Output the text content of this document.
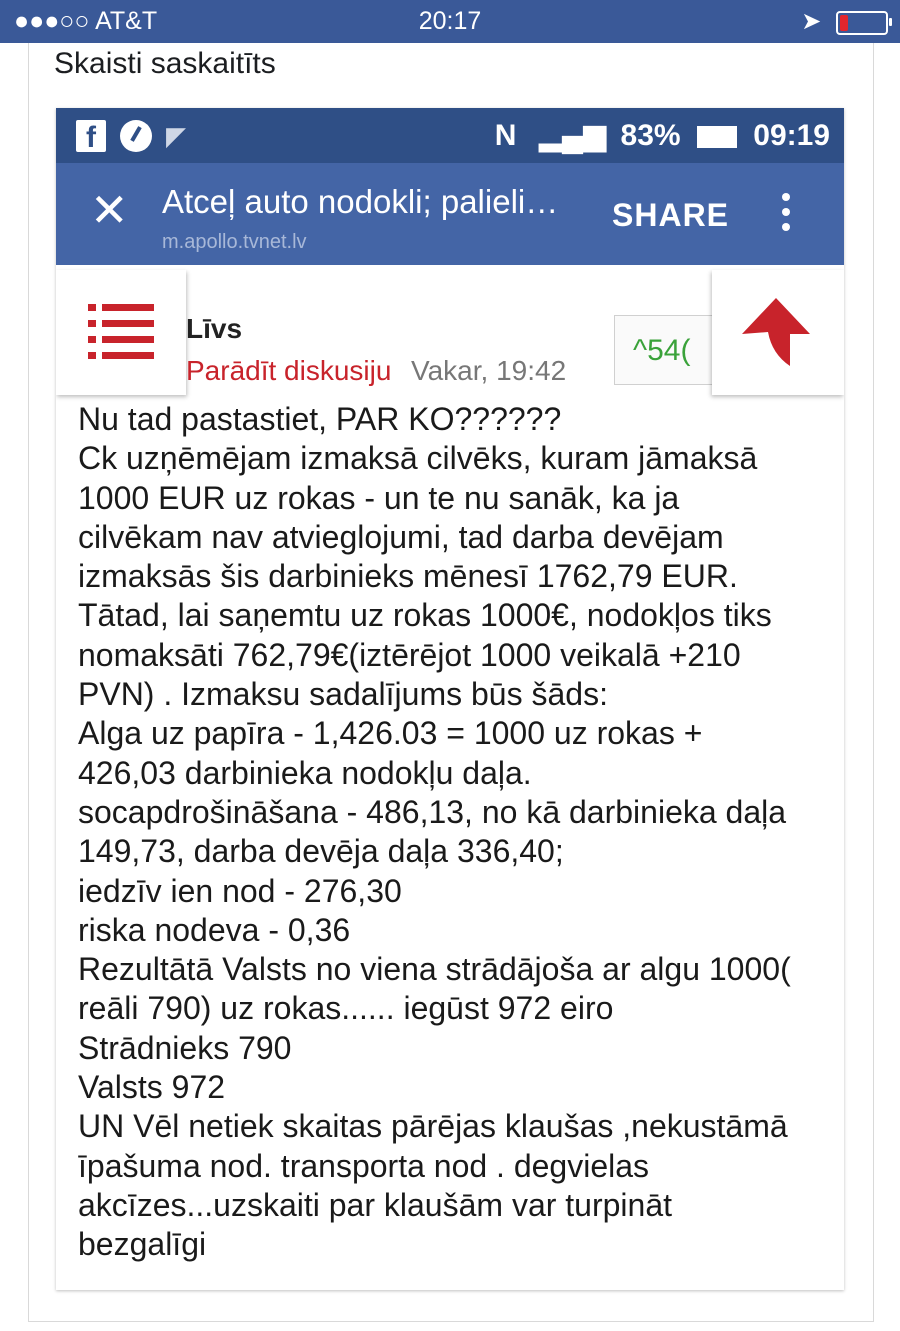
●●●○○ AT&T	20:17	➤
Skaisti saskaitīts
f	◤	N ▂▄▆ 83% 09:19
✕ Atceļ auto nodokli; palieli…
m.apollo.tvnet.lv
SHARE
Līvs
Parādīt diskusiju Vakar, 19:42
^54(
Nu tad pastastiet, PAR KO??????
Ck uzņēmējam izmaksā cilvēks, kuram jāmaksā
1000 EUR uz rokas - un te nu sanāk, ka ja
cilvēkam nav atvieglojumi, tad darba devējam
izmaksās šis darbinieks mēnesī 1762,79 EUR.
Tātad, lai saņemtu uz rokas 1000€, nodokļos tiks
nomaksāti 762,79€(iztērējot 1000 veikalā +210
PVN) . Izmaksu sadalījums būs šāds:
Alga uz papīra - 1,426.03 = 1000 uz rokas +
426,03 darbinieka nodokļu daļa.
socapdrošināšana - 486,13, no kā darbinieka daļa
149,73, darba devēja daļa 336,40;
iedzīv ien nod - 276,30
riska nodeva - 0,36
Rezultātā Valsts no viena strādājoša ar algu 1000(
reāli 790) uz rokas...... iegūst 972 eiro
Strādnieks 790
Valsts 972
UN Vēl netiek skaitas pārējas klaušas ,nekustāmā
īpašuma nod. transporta nod . degvielas
akcīzes...uzskaiti par klaušām var turpināt
bezgalīgi
